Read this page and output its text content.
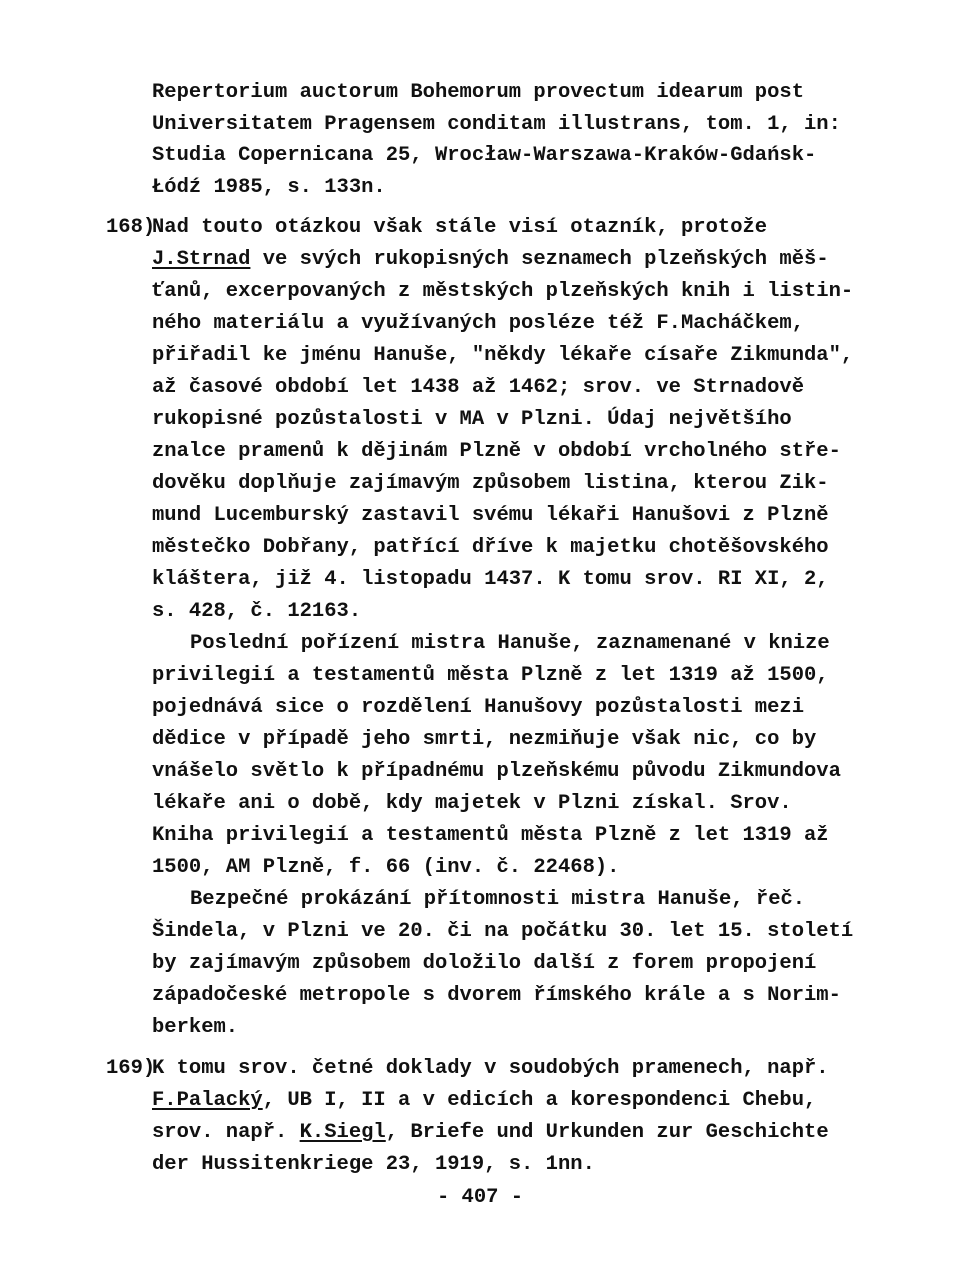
Repertorium auctorum Bohemorum provectum idearum post
Universitatem Pragensem conditam illustrans, tom. 1, in:
Studia Copernicana 25, Wrocław-Warszawa-Kraków-Gdańsk-
Łódź 1985, s. 133n.
168)
Nad touto otázkou však stále visí otazník, protože
J.Strnad ve svých rukopisných seznamech plzeňských měš-
ťanů, excerpovaných z městských plzeňských knih i listin-
ného materiálu a využívaných posléze též F.Macháčkem,
přiřadil ke jménu Hanuše, "někdy lékaře císaře Zikmunda",
až časové období let 1438 až 1462; srov. ve Strnadově
rukopisné pozůstalosti v MA v Plzni. Údaj největšího
znalce pramenů k dějinám Plzně v období vrcholného stře-
dověku doplňuje zajímavým způsobem listina, kterou Zik-
mund Lucemburský zastavil svému lékaři Hanušovi z Plzně
městečko Dobřany, patřící dříve k majetku chotěšovského
kláštera, již 4. listopadu 1437. K tomu srov. RI XI, 2,
s. 428, č. 12163.
Poslední pořízení mistra Hanuše, zaznamenané v knize
privilegií a testamentů města Plzně z let 1319 až 1500,
pojednává sice o rozdělení Hanušovy pozůstalosti mezi
dědice v případě jeho smrti, nezmiňuje však nic, co by
vnášelo světlo k případnému plzeňskému původu Zikmundova
lékaře ani o době, kdy majetek v Plzni získal. Srov.
Kniha privilegií a testamentů města Plzně z let 1319 až
1500, AM Plzně, f. 66 (inv. č. 22468).
Bezpečné prokázání přítomnosti mistra Hanuše, řeč.
Šindela, v Plzni ve 20. či na počátku 30. let 15. století
by zajímavým způsobem doložilo další z forem propojení
západočeské metropole s dvorem římského krále a s Norim-
berkem.
169)
K tomu srov. četné doklady v soudobých pramenech, např.
F.Palacký, UB I, II a v edicích a korespondenci Chebu,
srov. např. K.Siegl, Briefe und Urkunden zur Geschichte
der Hussitenkriege 23, 1919, s. 1nn.
- 407 -
